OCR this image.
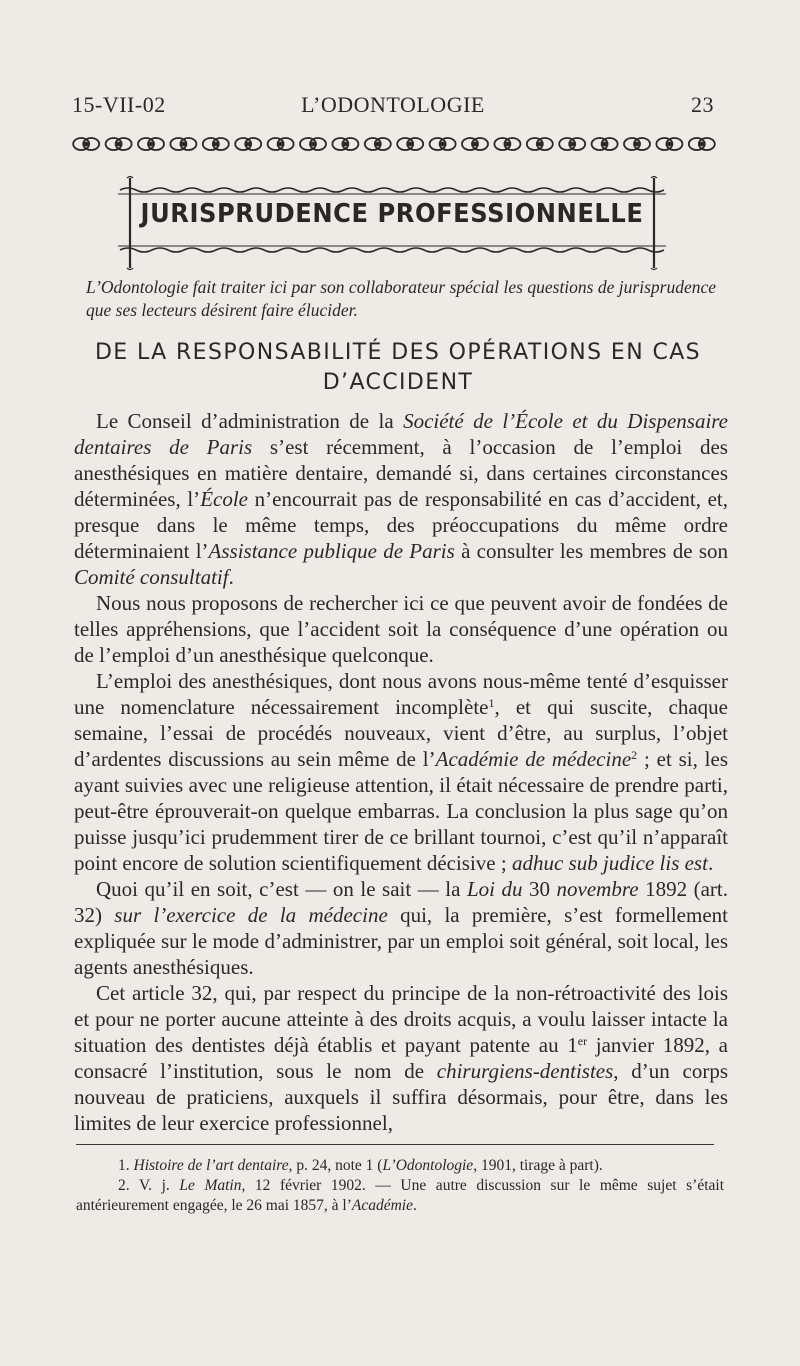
15-VII-02	L’ODONTOLOGIE	23
JURISPRUDENCE PROFESSIONNELLE
L’Odontologie fait traiter ici par son collaborateur spécial les questions de jurisprudence que ses lecteurs désirent faire élucider.
DE LA RESPONSABILITÉ DES OPÉRATIONS EN CAS
D’ACCIDENT

Le Conseil d’administration de la Société de l’École et du Dispensaire dentaires de Paris s’est récemment, à l’occasion de l’emploi des anesthésiques en matière dentaire, demandé si, dans certaines circonstances déterminées, l’École n’encourrait pas de responsabilité en cas d’accident, et, presque dans le même temps, des préoccupations du même ordre déterminaient l’Assistance publique de Paris à consulter les membres de son Comité consultatif.

Nous nous proposons de rechercher ici ce que peuvent avoir de fondées de telles appréhensions, que l’accident soit la conséquence d’une opération ou de l’emploi d’un anesthésique quelconque.

L’emploi des anesthésiques, dont nous avons nous-même tenté d’esquisser une nomenclature nécessairement incomplète$^1$, et qui suscite, chaque semaine, l’essai de procédés nouveaux, vient d’être, au surplus, l’objet d’ardentes discussions au sein même de l’Académie de médecine$^2$ ; et si, les ayant suivies avec une religieuse attention, il était nécessaire de prendre parti, peut-être éprouverait-on quelque embarras. La conclusion la plus sage qu’on puisse jusqu’ici prudemment tirer de ce brillant tournoi, c’est qu’il n’apparaît point encore de solution scientifiquement décisive ; adhuc sub judice lis est.

Quoi qu’il en soit, c’est — on le sait — la Loi du 30 novembre 1892 (art. 32) sur l’exercice de la médecine qui, la première, s’est formellement expliquée sur le mode d’administrer, par un emploi soit général, soit local, les agents anesthésiques.

Cet article 32, qui, par respect du principe de la non-rétroactivité des lois et pour ne porter aucune atteinte à des droits acquis, a voulu laisser intacte la situation des dentistes déjà établis et payant patente au 1er janvier 1892, a consacré l’institution, sous le nom de chirurgiens-dentistes, d’un corps nouveau de praticiens, auxquels il suffira désormais, pour être, dans les limites de leur exercice professionnel,

1. Histoire de l’art dentaire, p. 24, note 1 (L’Odontologie, 1901, tirage à part).

2. V. j. Le Matin, 12 février 1902. — Une autre discussion sur le même sujet s’était antérieurement engagée, le 26 mai 1857, à l’Académie.
